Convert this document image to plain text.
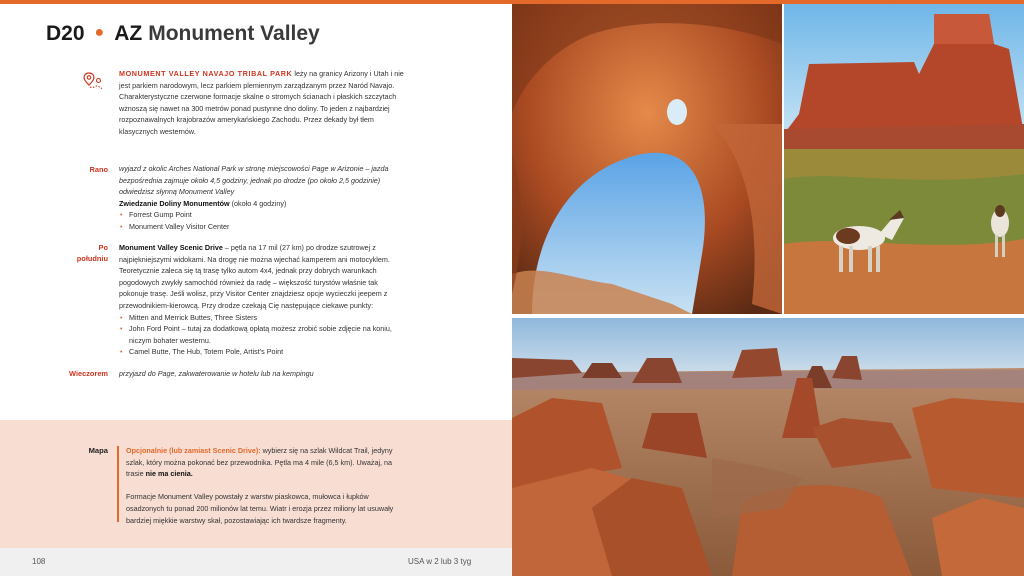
D20 ● AZ Monument Valley
MONUMENT VALLEY NAVAJO TRIBAL PARK leży na granicy Arizony i Utah i nie jest parkiem narodowym, lecz parkiem plemiennym zarządzanym przez Naród Navajo. Charakterystyczne czerwone formacje skalne o stromych ścianach i płaskich szczytach wznoszą się nawet na 300 metrów ponad pustynne dno doliny. To jeden z najbardziej rozpoznawalnych krajobrazów amerykańskiego Zachodu. Przez dekady był tłem klasycznych westernów.
Rano wyjazd z okolic Arches National Park w stronę miejscowości Page w Arizonie – jazda bezpośrednia zajmuje około 4,5 godziny, jednak po drodze (po około 2,5 godzinie) odwiedzisz słynną Monument Valley
Zwiedzanie Doliny Monumentów (około 4 godziny)
• Forrest Gump Point
• Monument Valley Visitor Center
Po
południu
Monument Valley Scenic Drive – pętla na 17 mil (27 km) po drodze szutrowej z najpiękniejszymi widokami. Na drogę nie można wjechać kamperem ani motocyklem. Teoretycznie zaleca się tą trasę tylko autom 4x4, jednak przy dobrych warunkach pogodowych zwykły samochód również da radę – większość turystów właśnie tak pokonuje trasę. Jeśli wolisz, przy Visitor Center znajdziesz opcje wycieczki jeepem z przewodnikiem-kierowcą. Przy drodze czekają Cię następujące ciekawe punkty:
• Mitten and Merrick Buttes, Three Sisters
• John Ford Point – tutaj za dodatkową opłatą możesz zrobić sobie zdjęcie na koniu, niczym bohater westernu.
• Camel Butte, The Hub, Totem Pole, Artist's Point
Wieczorem przyjazd do Page, zakwaterowanie w hotelu lub na kempingu
Mapa	Opcjonalnie (lub zamiast Scenic Drive): wybierz się na szlak Wildcat Trail, jedyny szlak, który można pokonać bez przewodnika. Pętla ma 4 mile (6,5 km). Uważaj, na trasie nie ma cienia.
Formacje Monument Valley powstały z warstw piaskowca, mułowca i łupków osadzonych tu ponad 200 milionów lat temu. Wiatr i erozja przez miliony lat usuwały bardziej miękkie warstwy skał, pozostawiając ich twardsze fragmenty.
108	USA w 2 lub 3 tyg
